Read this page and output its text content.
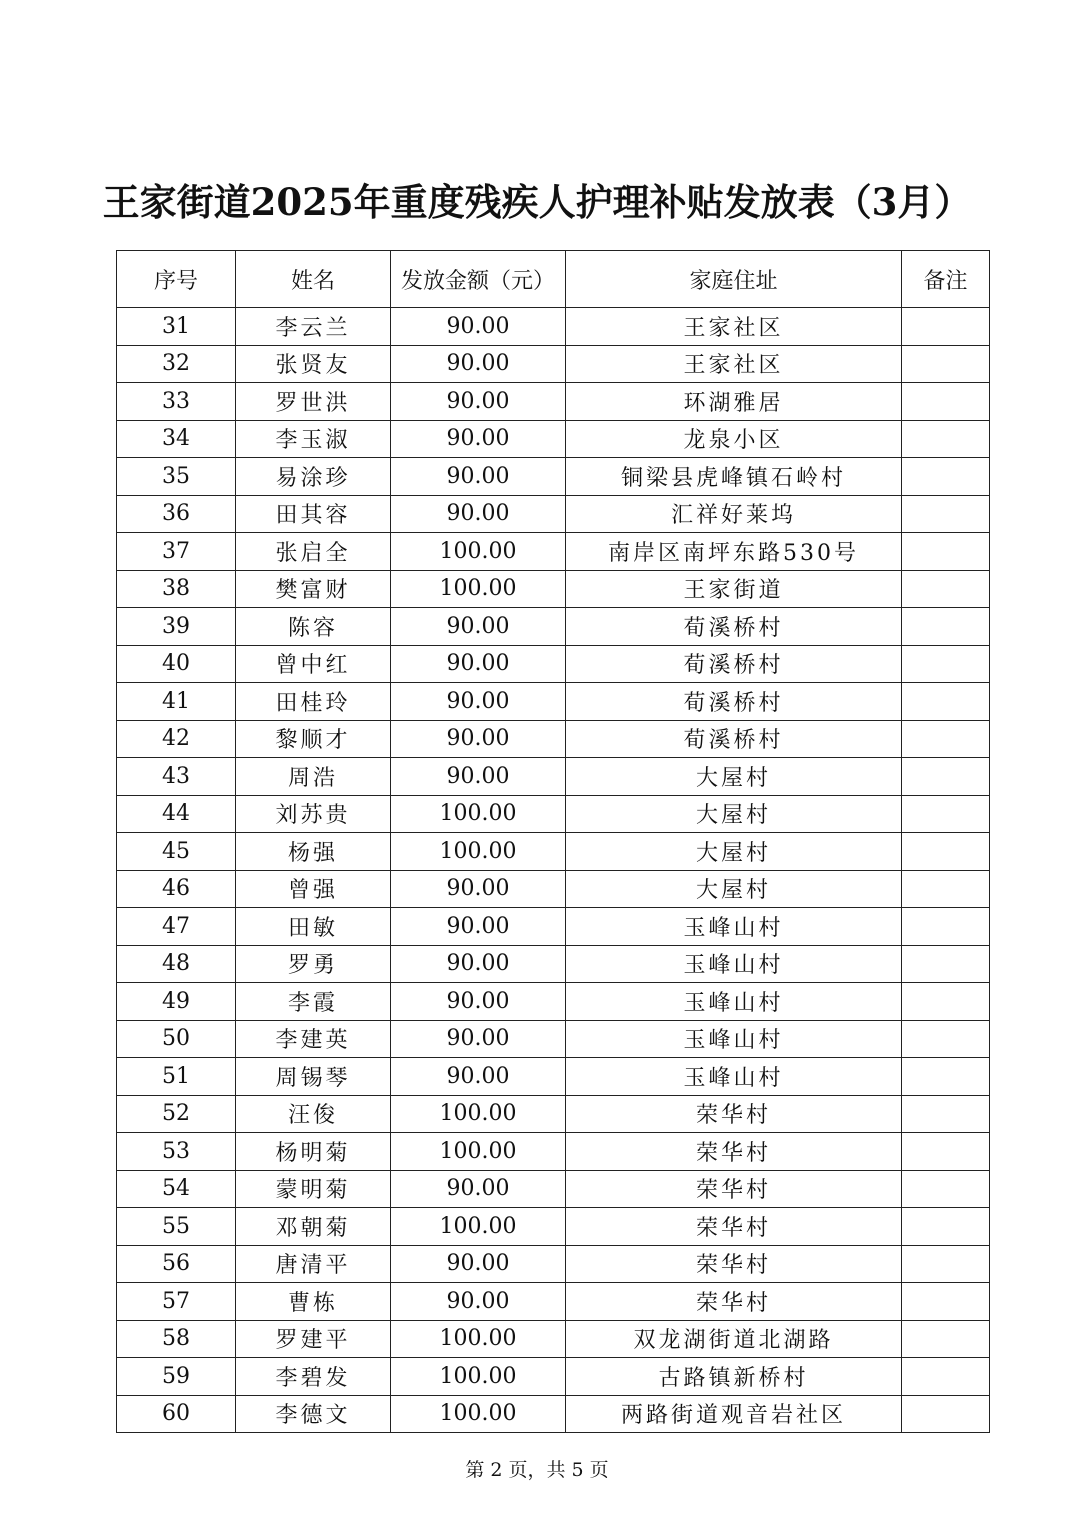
王家街道2025年重度残疾人护理补贴发放表（3月）
序号	姓名	发放金额（元）	家庭住址	备注
31	李云兰	90.00	王家社区	
32	张贤友	90.00	王家社区	
33	罗世洪	90.00	环湖雅居	
34	李玉淑	90.00	龙泉小区	
35	易涂珍	90.00	铜梁县虎峰镇石岭村	
36	田其容	90.00	汇祥好莱坞	
37	张启全	100.00	南岸区南坪东路530号	
38	樊富财	100.00	王家街道	
39	陈容	90.00	荀溪桥村	
40	曾中红	90.00	荀溪桥村	
41	田桂玲	90.00	荀溪桥村	
42	黎顺才	90.00	荀溪桥村	
43	周浩	90.00	大屋村	
44	刘苏贵	100.00	大屋村	
45	杨强	100.00	大屋村	
46	曾强	90.00	大屋村	
47	田敏	90.00	玉峰山村	
48	罗勇	90.00	玉峰山村	
49	李霞	90.00	玉峰山村	
50	李建英	90.00	玉峰山村	
51	周锡琴	90.00	玉峰山村	
52	汪俊	100.00	荣华村	
53	杨明菊	100.00	荣华村	
54	蒙明菊	90.00	荣华村	
55	邓朝菊	100.00	荣华村	
56	唐清平	90.00	荣华村	
57	曹栋	90.00	荣华村	
58	罗建平	100.00	双龙湖街道北湖路	
59	李碧发	100.00	古路镇新桥村	
60	李德文	100.00	两路街道观音岩社区	
第 2 页，共 5 页
